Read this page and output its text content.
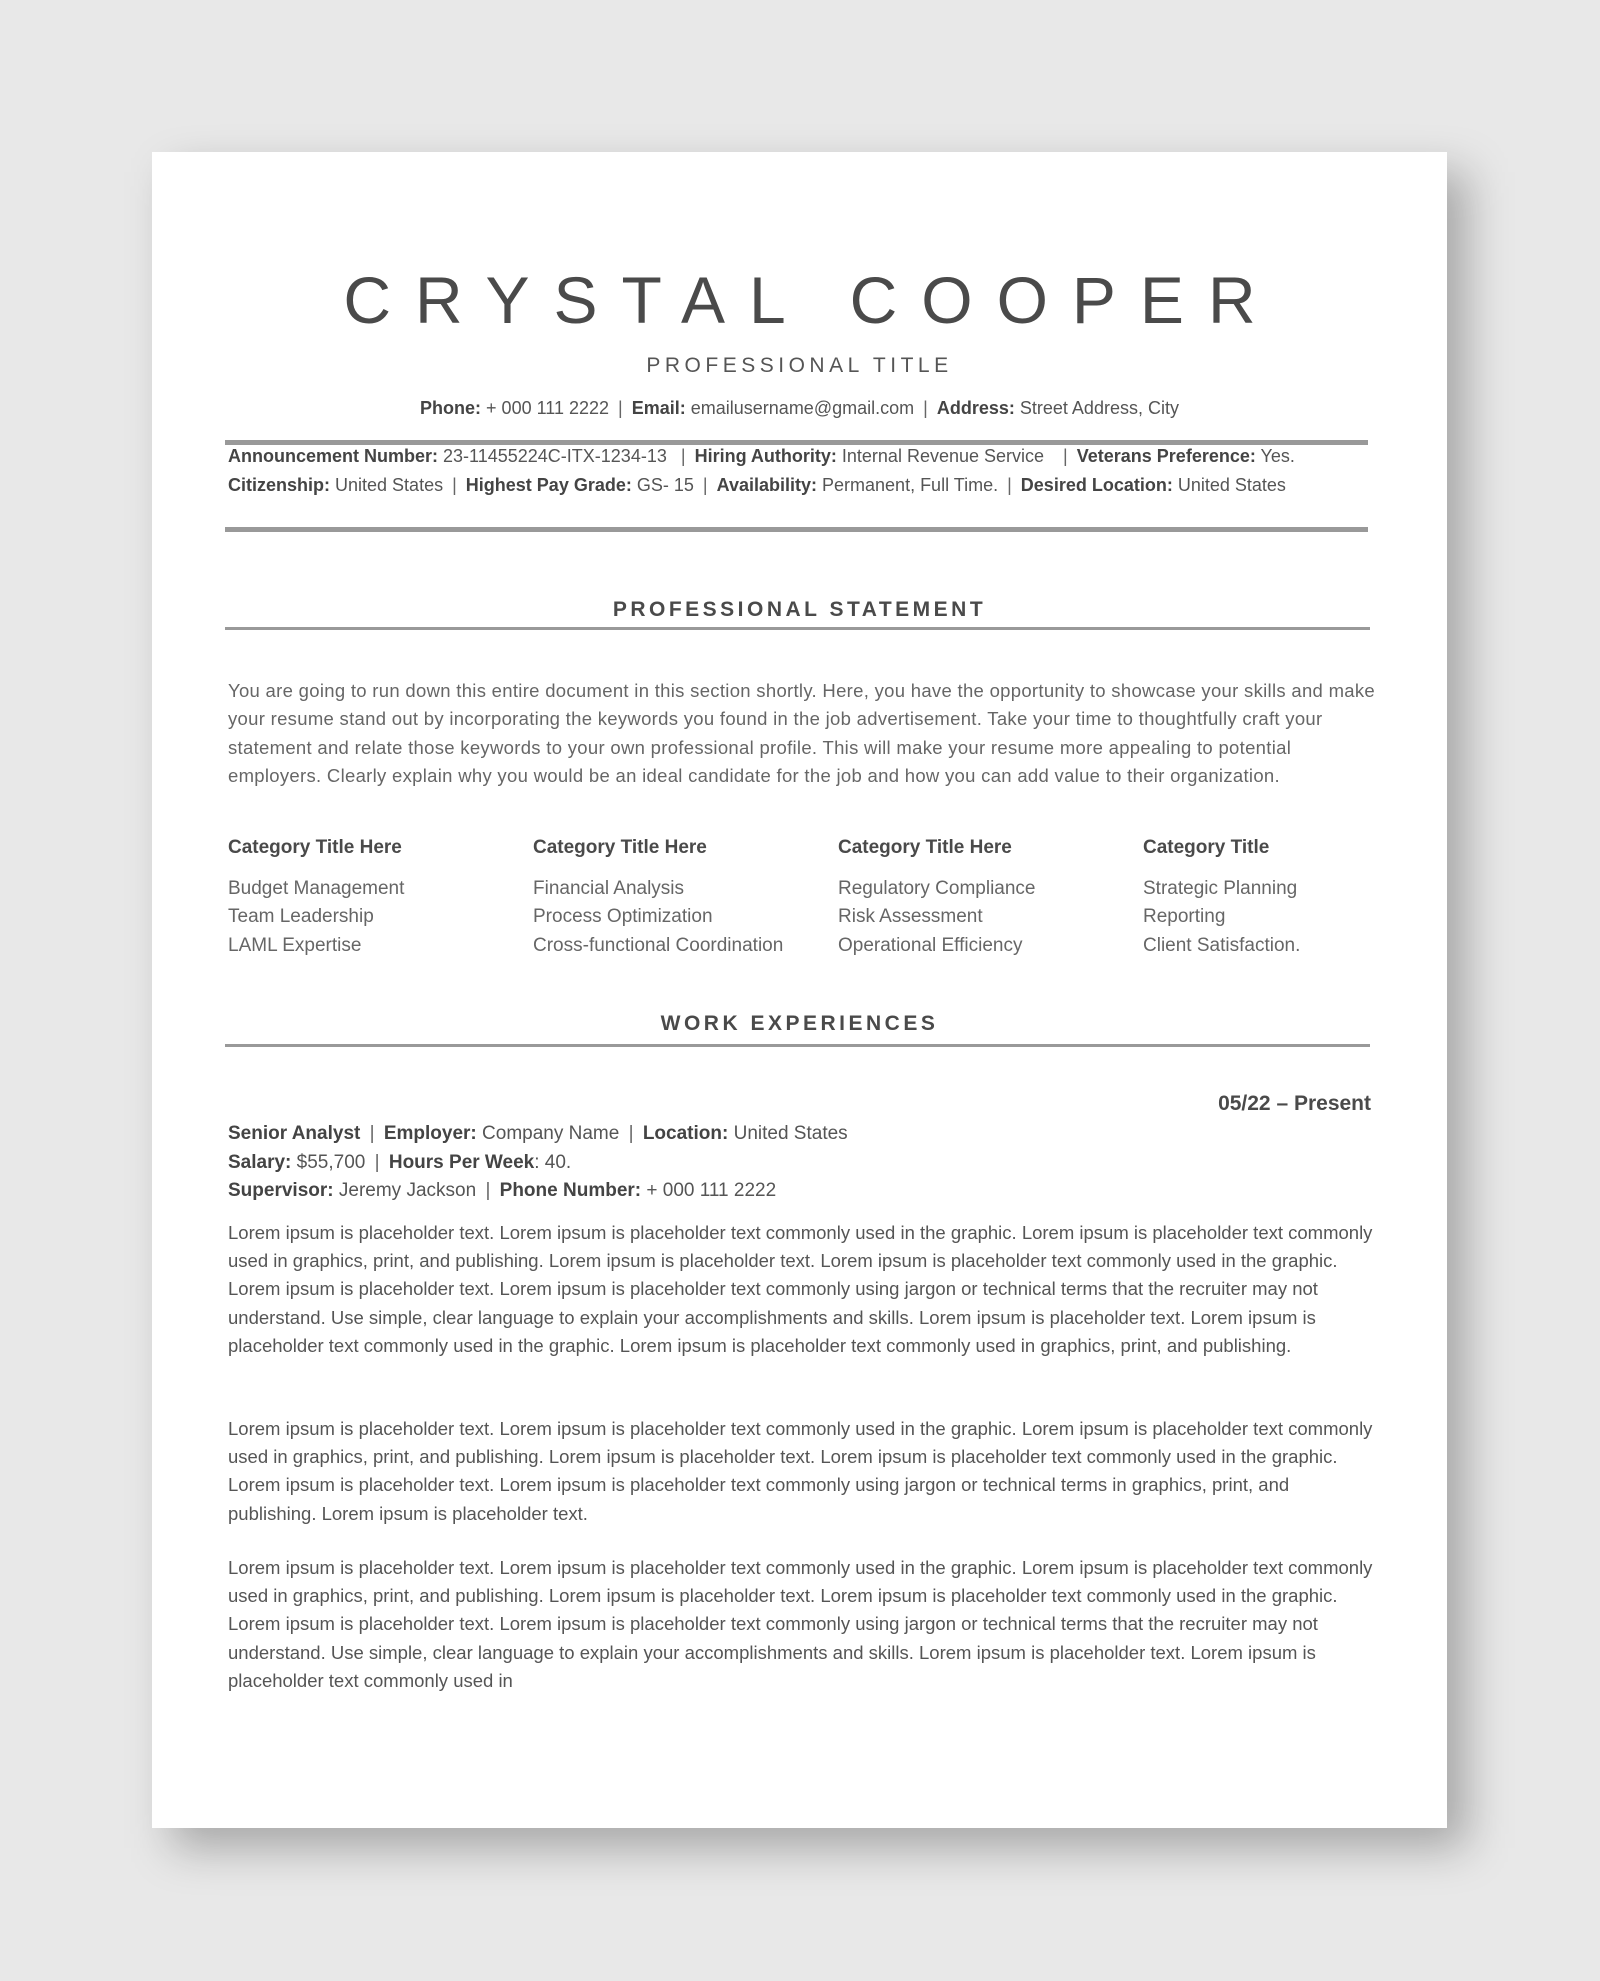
CRYSTAL COOPER
PROFESSIONAL TITLE
Phone: + 000 111 2222 | Email: emailusername@gmail.com | Address: Street Address, City
Announcement Number: 23-11455224C-ITX-1234-13 | Hiring Authority: Internal Revenue Service | Veterans Preference: Yes.
Citizenship: United States | Highest Pay Grade: GS- 15 | Availability: Permanent, Full Time. | Desired Location: United States
PROFESSIONAL STATEMENT
You are going to run down this entire document in this section shortly. Here, you have the opportunity to showcase your skills and make your resume stand out by incorporating the keywords you found in the job advertisement. Take your time to thoughtfully craft your statement and relate those keywords to your own professional profile. This will make your resume more appealing to potential employers. Clearly explain why you would be an ideal candidate for the job and how you can add value to their organization.
Category Title Here
Budget Management
Team Leadership
LAML Expertise
Category Title Here
Financial Analysis
Process Optimization
Cross-functional Coordination
Category Title Here
Regulatory Compliance
Risk Assessment
Operational Efficiency
Category Title
Strategic Planning
Reporting
Client Satisfaction.
WORK EXPERIENCES
05/22 – Present
Senior Analyst | Employer: Company Name | Location: United States
Salary: $55,700 | Hours Per Week: 40.
Supervisor: Jeremy Jackson | Phone Number: + 000 111 2222
Lorem ipsum is placeholder text. Lorem ipsum is placeholder text commonly used in the graphic. Lorem ipsum is placeholder text commonly used in graphics, print, and publishing. Lorem ipsum is placeholder text. Lorem ipsum is placeholder text commonly used in the graphic. Lorem ipsum is placeholder text. Lorem ipsum is placeholder text commonly using jargon or technical terms that the recruiter may not understand. Use simple, clear language to explain your accomplishments and skills. Lorem ipsum is placeholder text. Lorem ipsum is placeholder text commonly used in the graphic. Lorem ipsum is placeholder text commonly used in graphics, print, and publishing.
Lorem ipsum is placeholder text. Lorem ipsum is placeholder text commonly used in the graphic. Lorem ipsum is placeholder text commonly used in graphics, print, and publishing. Lorem ipsum is placeholder text. Lorem ipsum is placeholder text commonly used in the graphic. Lorem ipsum is placeholder text. Lorem ipsum is placeholder text commonly using jargon or technical terms in graphics, print, and publishing. Lorem ipsum is placeholder text.
Lorem ipsum is placeholder text. Lorem ipsum is placeholder text commonly used in the graphic. Lorem ipsum is placeholder text commonly used in graphics, print, and publishing. Lorem ipsum is placeholder text. Lorem ipsum is placeholder text commonly used in the graphic. Lorem ipsum is placeholder text. Lorem ipsum is placeholder text commonly using jargon or technical terms that the recruiter may not understand. Use simple, clear language to explain your accomplishments and skills. Lorem ipsum is placeholder text. Lorem ipsum is placeholder text commonly used in
